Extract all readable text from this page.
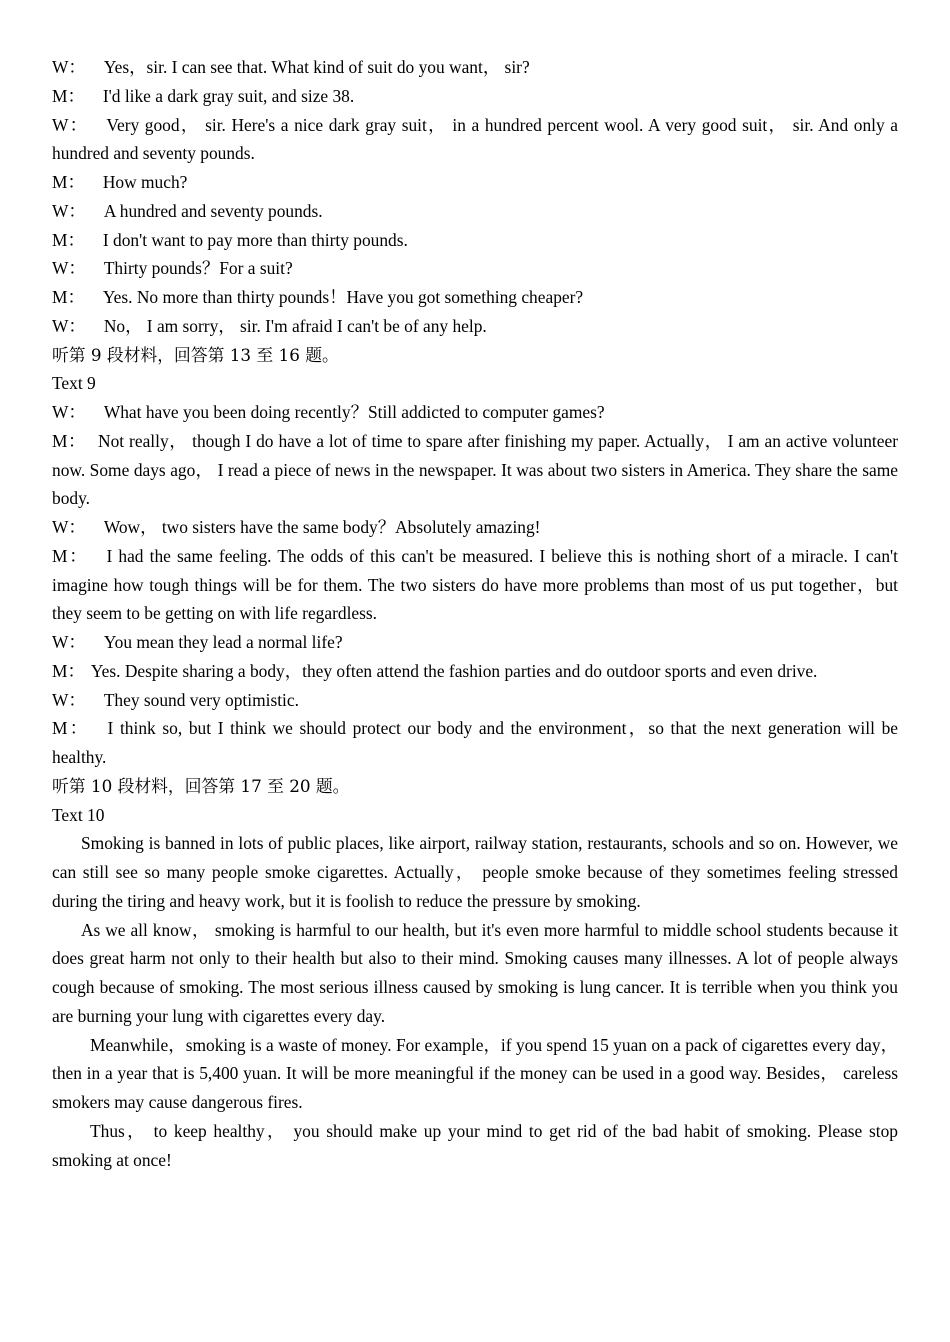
W： Yes，sir. I can see that. What kind of suit do you want， sir?

M： I'd like a dark gray suit, and size 38.

W： Very good， sir. Here's a nice dark gray suit， in a hundred percent wool. A very good suit， sir. And only a hundred and seventy pounds.

M： How much?

W： A hundred and seventy pounds.

M： I don't want to pay more than thirty pounds.

W： Thirty pounds？For a suit?

M： Yes. No more than thirty pounds！Have you got something cheaper?

W： No， I am sorry， sir. I'm afraid I can't be of any help.

听第 9 段材料，回答第 13 至 16 题。

Text 9

W： What have you been doing recently？Still addicted to computer games?

M： Not really， though I do have a lot of time to spare after finishing my paper. Actually， I am an active volunteer now. Some days ago， I read a piece of news in the newspaper. It was about two sisters in America. They share the same body.

W： Wow， two sisters have the same body？Absolutely amazing!

M： I had the same feeling. The odds of this can't be measured. I believe this is nothing short of a miracle. I can't imagine how tough things will be for them. The two sisters do have more problems than most of us put together，but they seem to be getting on with life regardless.

W： You mean they lead a normal life?

M： Yes. Despite sharing a body，they often attend the fashion parties and do outdoor sports and even drive.

W： They sound very optimistic.

M： I think so, but I think we should protect our body and the environment，so that the next generation will be healthy.

听第 10 段材料，回答第 17 至 20 题。

Text 10

Smoking is banned in lots of public places, like airport, railway station, restaurants, schools and so on. However, we can still see so many people smoke cigarettes. Actually， people smoke because of they sometimes feeling stressed during the tiring and heavy work, but it is foolish to reduce the pressure by smoking.

As we all know， smoking is harmful to our health, but it's even more harmful to middle school students because it does great harm not only to their health but also to their mind. Smoking causes many illnesses. A lot of people always cough because of smoking. The most serious illness caused by smoking is lung cancer. It is terrible when you think you are burning your lung with cigarettes every day.

Meanwhile，smoking is a waste of money. For example，if you spend 15 yuan on a pack of cigarettes every day， then in a year that is 5,400 yuan. It will be more meaningful if the money can be used in a good way. Besides， careless smokers may cause dangerous fires.

Thus， to keep healthy， you should make up your mind to get rid of the bad habit of smoking. Please stop smoking at once!
